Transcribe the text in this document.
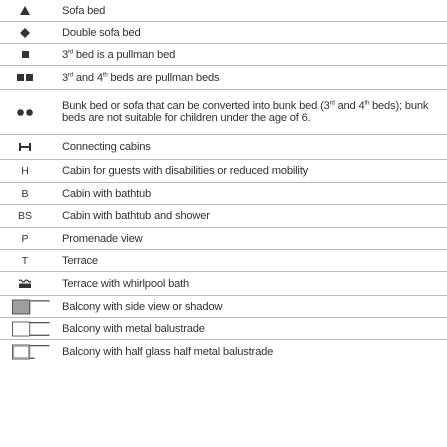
Sofa bed
Double sofa bed
3rd bed is a pullman bed
3rd and 4th beds are pullman beds
Bunk bed or sofa that can be converted into bunk bed (3rd and 4th beds); bunk beds are not suitable for children under the age of 6.
Connecting cabins
H	Cabin for guests with disabilities or reduced mobility
B	Cabin with bathtub
BS	Cabin with bathtub and shower
P	Promenade view
T	Terrace
Terrace with whirlpool bath
Balcony with side view or shadow
Balcony with metal balustrade
Balcony with half glass half metal balustrade
